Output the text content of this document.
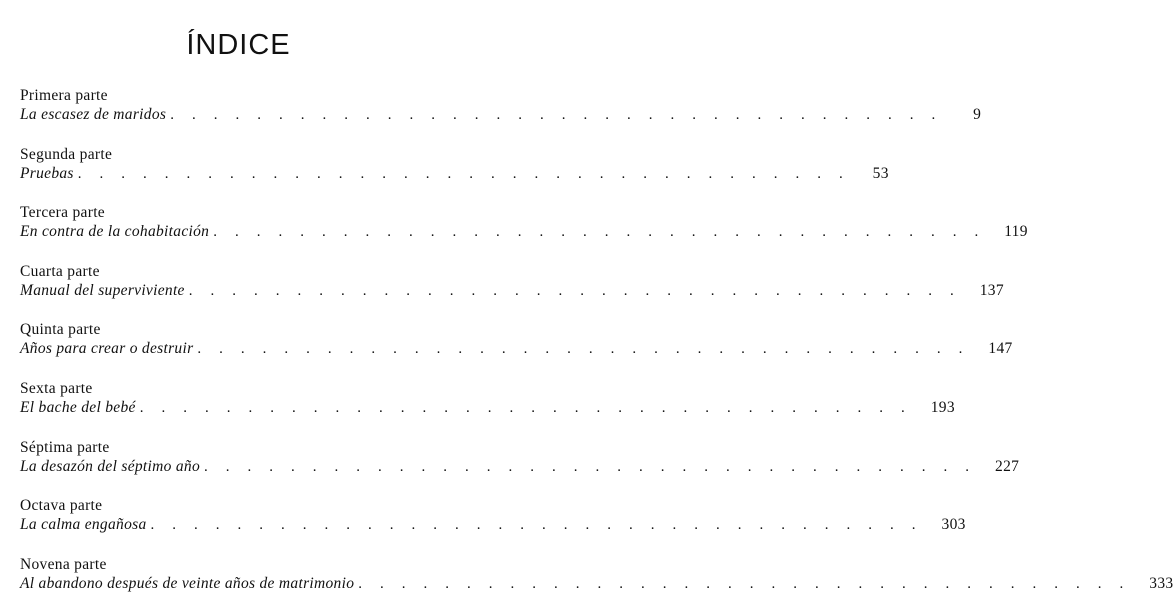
ÍNDICE
Primera parte
La escasez de maridos ....................................	9
Segunda parte
Pruebas .................................... 53
Tercera parte
En contra de la cohabitación .................................... 119
Cuarta parte
Manual del superviviente .................................... 137
Quinta parte
Años para crear o destruir .................................... 147
Sexta parte
El bache del bebé .................................... 193
Séptima parte
La desazón del séptimo año .................................... 227
Octava parte
La calma engañosa .................................... 303
Novena parte
Al abandono después de veinte años de matrimonio .................................... 333
